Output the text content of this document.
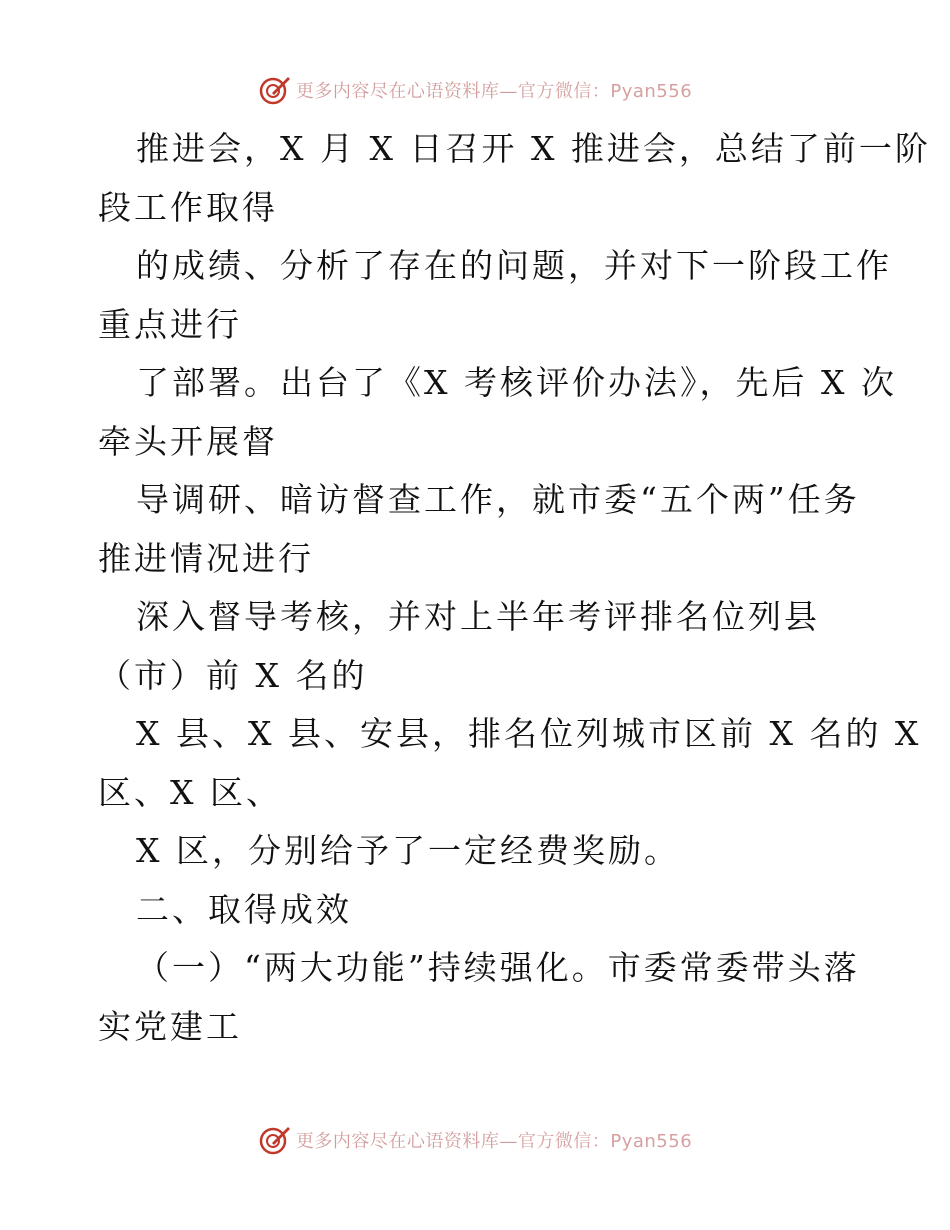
更多内容尽在心语资料库—官方微信：Pyan556
推进会，X 月 X 日召开 X 推进会，总结了前一阶
段工作取得
的成绩、分析了存在的问题，并对下一阶段工作
重点进行
了部署。出台了《X 考核评价办法》，先后 X 次
牵头开展督
导调研、暗访督查工作，就市委“五个两”任务
推进情况进行
深入督导考核，并对上半年考评排名位列县
（市）前 X 名的
X 县、X 县、安县，排名位列城市区前 X 名的 X
区、X 区、
X 区，分别给予了一定经费奖励。
二、取得成效
（一）“两大功能”持续强化。市委常委带头落
实党建工
更多内容尽在心语资料库—官方微信：Pyan556
